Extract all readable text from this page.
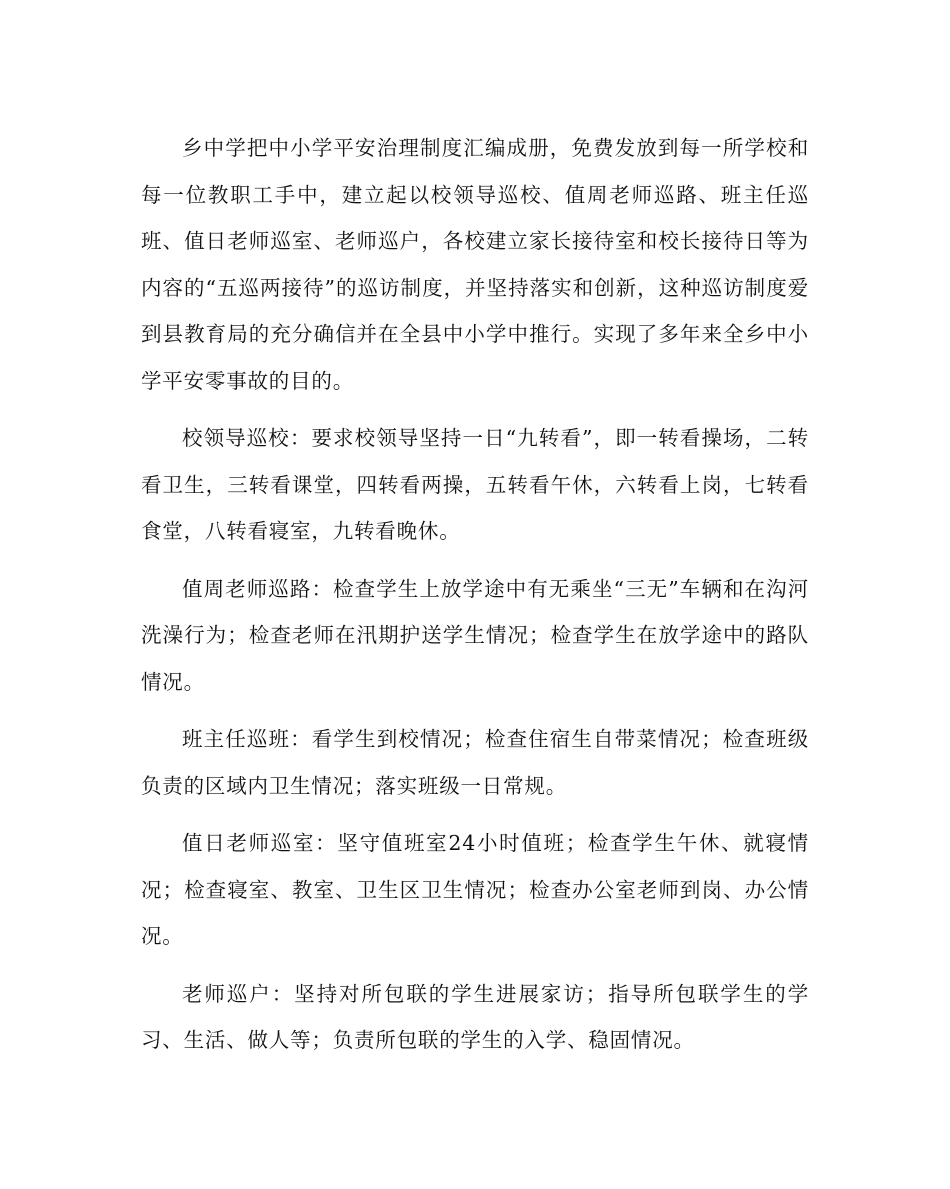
乡中学把中小学平安治理制度汇编成册，免费发放到每一所学校和每一位教职工手中，建立起以校领导巡校、值周老师巡路、班主任巡班、值日老师巡室、老师巡户，各校建立家长接待室和校长接待日等为内容的“五巡两接待”的巡访制度，并坚持落实和创新，这种巡访制度爱到县教育局的充分确信并在全县中小学中推行。实现了多年来全乡中小学平安零事故的目的。

校领导巡校：要求校领导坚持一日“九转看”，即一转看操场，二转看卫生，三转看课堂，四转看两操，五转看午休，六转看上岗，七转看食堂，八转看寝室，九转看晚休。

值周老师巡路：检查学生上放学途中有无乘坐“三无”车辆和在沟河洗澡行为；检查老师在汛期护送学生情况；检查学生在放学途中的路队情况。

班主任巡班：看学生到校情况；检查住宿生自带菜情况；检查班级负责的区域内卫生情况；落实班级一日常规。

值日老师巡室：坚守值班室24小时值班；检查学生午休、就寝情况；检查寝室、教室、卫生区卫生情况；检查办公室老师到岗、办公情况。

老师巡户：坚持对所包联的学生进展家访；指导所包联学生的学习、生活、做人等；负责所包联的学生的入学、稳固情况。
